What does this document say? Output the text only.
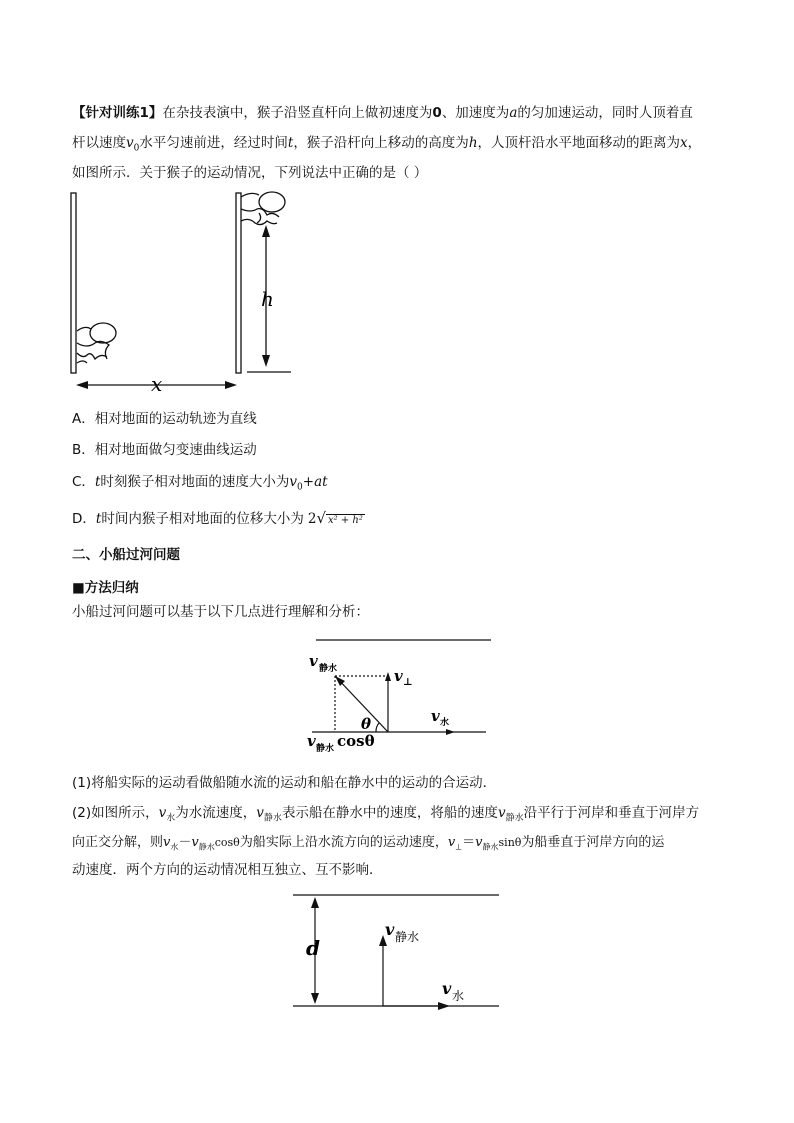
【针对训练1】在杂技表演中，猴子沿竖直杆向上做初速度为0、加速度为a的匀加速运动，同时人顶着直
杆以速度$v_0$水平匀速前进，经过时间t，猴子沿杆向上移动的高度为h，人顶杆沿水平地面移动的距离为x，
如图所示．关于猴子的运动情况，下列说法中正确的是（ ）
h
x
A．相对地面的运动轨迹为直线
B．相对地面做匀变速曲线运动
C．t时刻猴子相对地面的速度大小为$v_0+at$
D．t时间内猴子相对地面的位移大小为 2√ x² + h²
二、小船过河问题
■方法归纳
小船过河问题可以基于以下几点进行理解和分析：
v 静水	v ⊥
θ	v 水
v 静水 cosθ
(1)将船实际的运动看做船随水流的运动和船在静水中的运动的合运动．
(2)如图所示，$v_水$为水流速度，$v_{静水}$表示船在静水中的速度，将船的速度$v_{静水}$沿平行于河岸和垂直于河岸方
向正交分解，则$v_水-v_{静水}\cos\theta$为船实际上沿水流方向的运动速度，$v_\perp=v_{静水}\sin\theta$为船垂直于河岸方向的运
动速度．两个方向的运动情况相互独立、互不影响．
d
v 静水
v 水
